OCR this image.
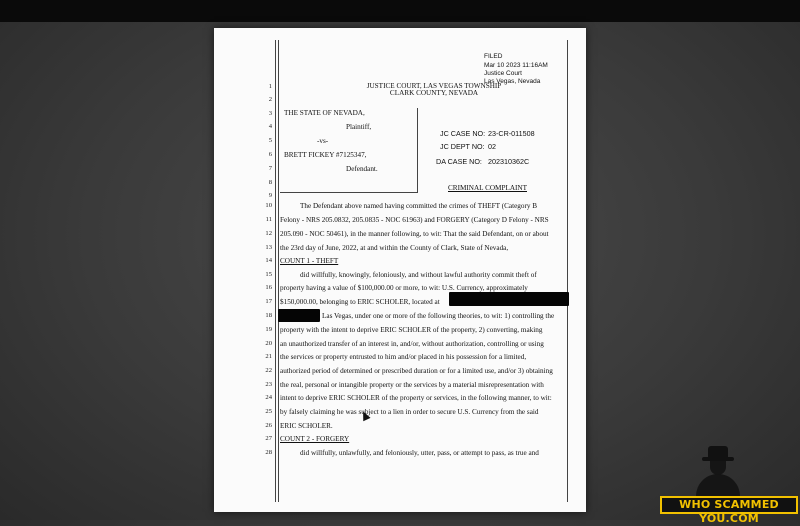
FILED
Mar 10 2023 11:16AM
Justice Court
Las Vegas, Nevada
JUSTICE COURT, LAS VEGAS TOWNSHIP
CLARK COUNTY, NEVADA
1
2
3
4
5
6
7
8
9
10
11
12
13
14
15
16
17
18
19
20
21
22
23
24
25
26
27
28
THE STATE OF NEVADA,
Plaintiff,
-vs-
BRETT FICKEY #7125347,
Defendant.
JC CASE NO: 23-CR-011508
JC DEPT NO: 02
DA CASE NO: 202310362C
CRIMINAL COMPLAINT
The Defendant above named having committed the crimes of THEFT (Category B
Felony - NRS 205.0832, 205.0835 - NOC 61963) and FORGERY (Category D Felony - NRS
205.090 - NOC 50461), in the manner following, to wit: That the said Defendant, on or about
the 23rd day of June, 2022, at and within the County of Clark, State of Nevada,
COUNT 1 - THEFT
did willfully, knowingly, feloniously, and without lawful authority commit theft of
property having a value of $100,000.00 or more, to wit: U.S. Currency, approximately
$150,000.00, belonging to ERIC SCHOLER, located at
Las Vegas, under one or more of the following theories, to wit: 1) controlling the
property with the intent to deprive ERIC SCHOLER of the property, 2) converting, making
an unauthorized transfer of an interest in, and/or, without authorization, controlling or using
the services or property entrusted to him and/or placed in his possession for a limited,
authorized period of determined or prescribed duration or for a limited use, and/or 3) obtaining
the real, personal or intangible property or the services by a material misrepresentation with
intent to deprive ERIC SCHOLER of the property or services, in the following manner, to wit:
by falsely claiming he was subject to a lien in order to secure U.S. Currency from the said
ERIC SCHOLER.
COUNT 2 - FORGERY
did willfully, unlawfully, and feloniously, utter, pass, or attempt to pass, as true and
WHO SCAMMED YOU.COM
